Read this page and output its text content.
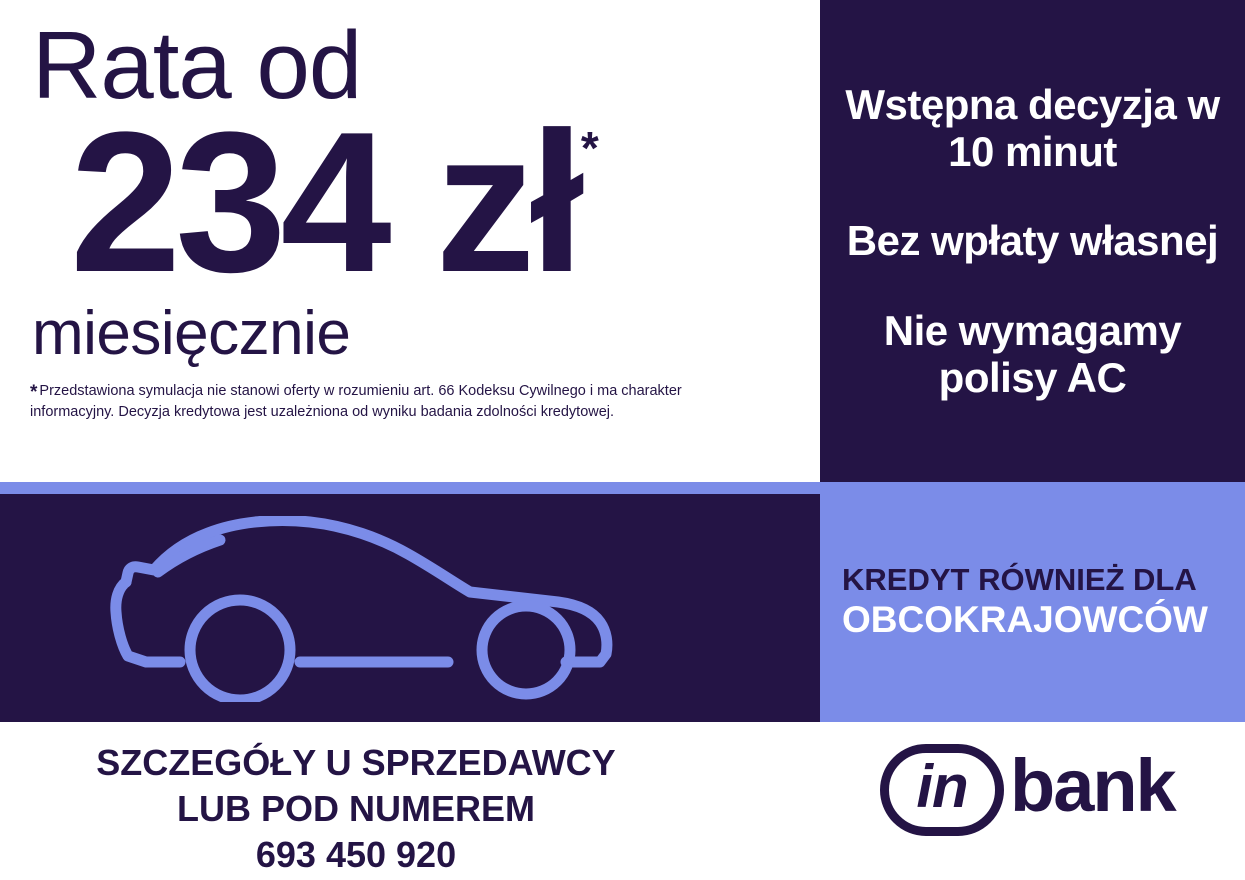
Rata od
234 zł *
miesięcznie
* Przedstawiona symulacja nie stanowi oferty w rozumieniu art. 66 Kodeksu Cywilnego i ma charakter informacyjny. Decyzja kredytowa jest uzależniona od wyniku badania zdolności kredytowej.
Wstępna decyzja w 10 minut
Bez wpłaty własnej
Nie wymagamy polisy AC
KREDYT RÓWNIEŻ DLA
OBCOKRAJOWCÓW
SZCZEGÓŁY U SPRZEDAWCY
LUB POD NUMEREM
693 450 920
in bank
